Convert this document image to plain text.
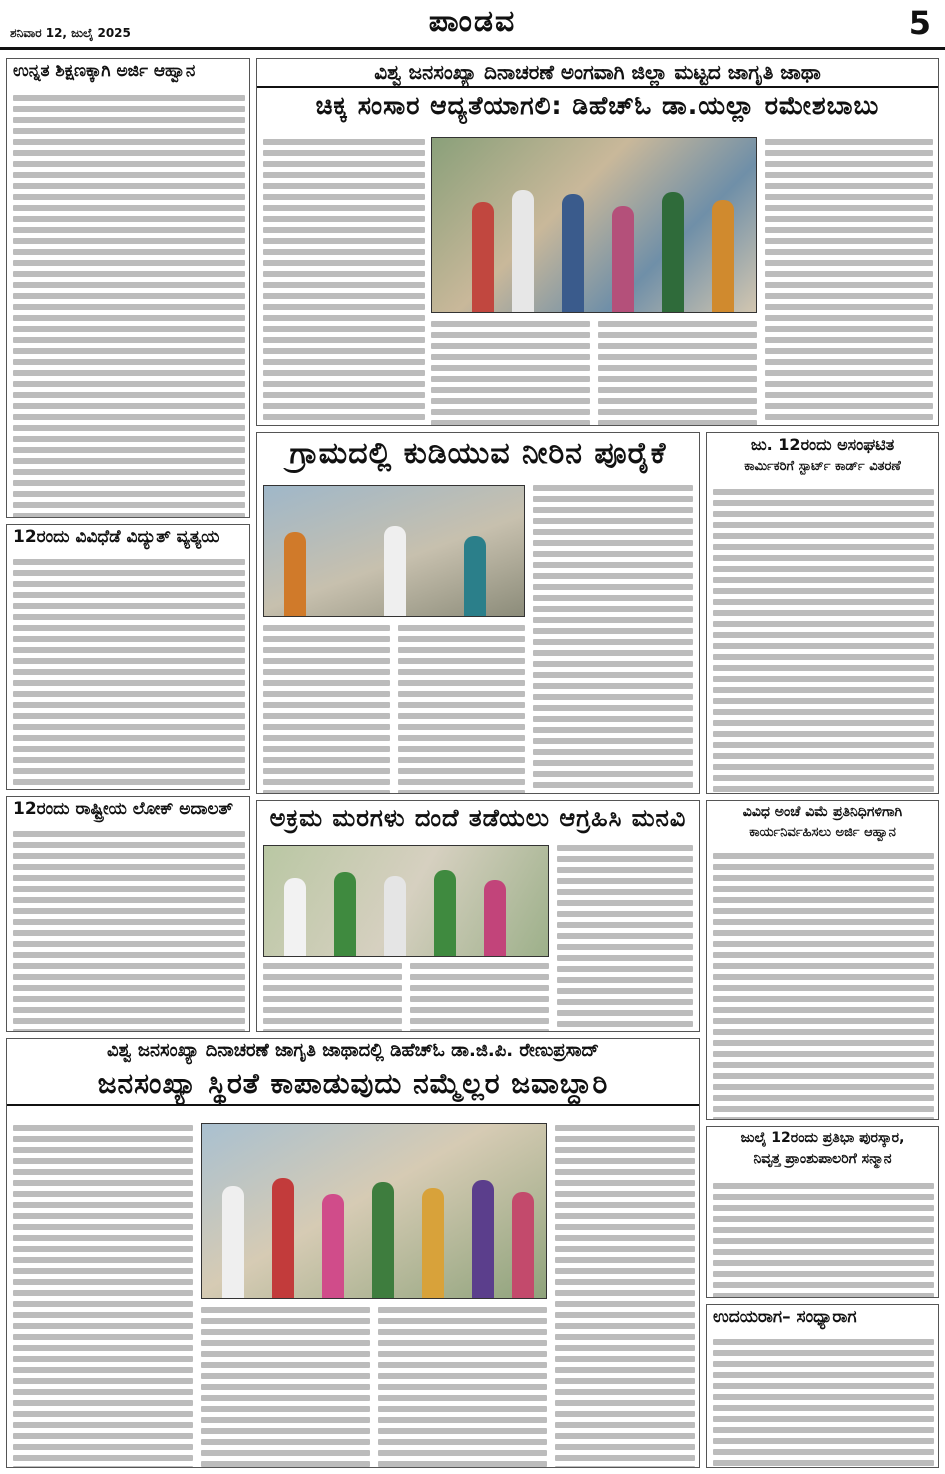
ಶನಿವಾರ 12, ಜುಲೈ 2025	ಪಾಂಡವ	5
ಉನ್ನತ ಶಿಕ್ಷಣಕ್ಕಾಗಿ ಅರ್ಜಿ ಆಹ್ವಾನ
12ರಂದು ವಿವಿಧೆಡೆ ವಿದ್ಯುತ್ ವ್ಯತ್ಯಯ
12ರಂದು ರಾಷ್ಟ್ರೀಯ ಲೋಕ್ ಅದಾಲತ್
ವಿಶ್ವ ಜನಸಂಖ್ಯಾ ದಿನಾಚರಣೆ ಅಂಗವಾಗಿ ಜಿಲ್ಲಾ ಮಟ್ಟದ ಜಾಗೃತಿ ಜಾಥಾ
ಚಿಕ್ಕ ಸಂಸಾರ ಆದ್ಯತೆಯಾಗಲಿ: ಡಿಹೆಚ್‌ಓ ಡಾ.ಯಲ್ಲಾ ರಮೇಶಬಾಬು
ಗ್ರಾಮದಲ್ಲಿ ಕುಡಿಯುವ ನೀರಿನ ಪೂರೈಕೆ	ಜು. 12ರಂದು ಅಸಂಘಟಿತ
ಕಾರ್ಮಿಕರಿಗೆ ಸ್ಟಾರ್ಟ್ ಕಾರ್ಡ್ ವಿತರಣೆ
ಅಕ್ರಮ ಮರಗಳು ದಂದೆ ತಡೆಯಲು ಆಗ್ರಹಿಸಿ ಮನವಿ	ವಿವಿಧ ಅಂಚೆ ವಿಮೆ ಪ್ರತಿನಿಧಿಗಳಿಗಾಗಿ
ಕಾರ್ಯನಿರ್ವಹಿಸಲು ಅರ್ಜಿ ಆಹ್ವಾನ
ವಿಶ್ವ ಜನಸಂಖ್ಯಾ ದಿನಾಚರಣೆ ಜಾಗೃತಿ ಜಾಥಾದಲ್ಲಿ ಡಿಹೆಚ್‌ಓ ಡಾ.ಜಿ.ಪಿ. ರೇಣುಪ್ರಸಾದ್
ಜನಸಂಖ್ಯಾ ಸ್ಥಿರತೆ ಕಾಪಾಡುವುದು ನಮ್ಮೆಲ್ಲರ ಜವಾಬ್ದಾರಿ
ಜುಲೈ 12ರಂದು ಪ್ರತಿಭಾ ಪುರಸ್ಕಾರ,
ನಿವೃತ್ತ ಪ್ರಾಂಶುಪಾಲರಿಗೆ ಸನ್ಮಾನ
ಉದಯರಾಗ– ಸಂಧ್ಯಾರಾಗ
